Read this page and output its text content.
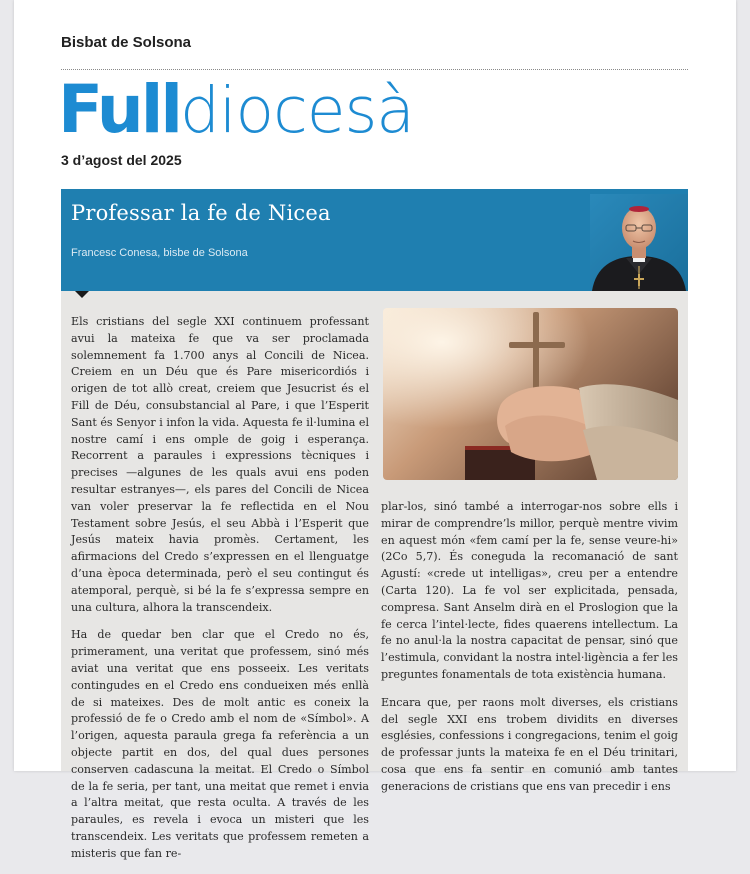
Bisbat de Solsona
Fulldiocesà
3 d’agost del 2025
Professar la fe de Nicea
Francesc Conesa, bisbe de Solsona

Els cristians del segle XXI continuem professant avui la mateixa fe que va ser proclamada solemnement fa 1.700 anys al Concili de Nicea. Creiem en un Déu que és Pare misericordiós i origen de tot allò creat, creiem que Jesucrist és el Fill de Déu, consubstancial al Pare, i que l’Esperit Sant és Senyor i infon la vida. Aquesta fe il·lumina el nostre camí i ens omple de goig i esperança. Recorrent a paraules i expressions tècniques i precises —algunes de les quals avui ens poden resultar estranyes—, els pares del Concili de Nicea van voler preservar la fe reflectida en el Nou Testament sobre Jesús, el seu Abbà i l’Esperit que Jesús mateix havia promès. Certament, les afirmacions del Credo s’expressen en el llenguatge d’una època determinada, però el seu contingut és atemporal, perquè, si bé la fe s’expressa sempre en una cultura, alhora la transcendeix.

Ha de quedar ben clar que el Credo no és, primerament, una veritat que professem, sinó més aviat una veritat que ens posseeix. Les veritats contingudes en el Credo ens condueixen més enllà de si mateixes. Des de molt antic es coneix la professió de fe o Credo amb el nom de «Símbol». A l’origen, aquesta paraula grega fa referència a un objecte partit en dos, del qual dues persones conserven cadascuna la meitat. El Credo o Símbol de la fe seria, per tant, una meitat que remet i envia a l’altra meitat, que resta oculta. A través de les paraules, es revela i evoca un misteri que les transcendeix. Les veritats que professem remeten a misteris que fan re-

plar-los, sinó també a interrogar-nos sobre ells i mirar de comprendre’ls millor, perquè mentre vivim en aquest món «fem camí per la fe, sense veure-hi» (2Co 5,7). És coneguda la recomanació de sant Agustí: «crede ut intelligas», creu per a entendre (Carta 120). La fe vol ser explicitada, pensada, compresa. Sant Anselm dirà en el Proslogion que la fe cerca l’intel·lecte, fides quaerens intellectum. La fe no anul·la la nostra capacitat de pensar, sinó que l’estimula, convidant la nostra intel·ligència a fer les preguntes fonamentals de tota existència humana.

Encara que, per raons molt diverses, els cristians del segle XXI ens trobem dividits en diverses esglésies, confessions i congregacions, tenim el goig de professar junts la mateixa fe en el Déu trinitari, cosa que ens fa sentir en comunió amb tantes generacions de cristians que ens van precedir i ens
